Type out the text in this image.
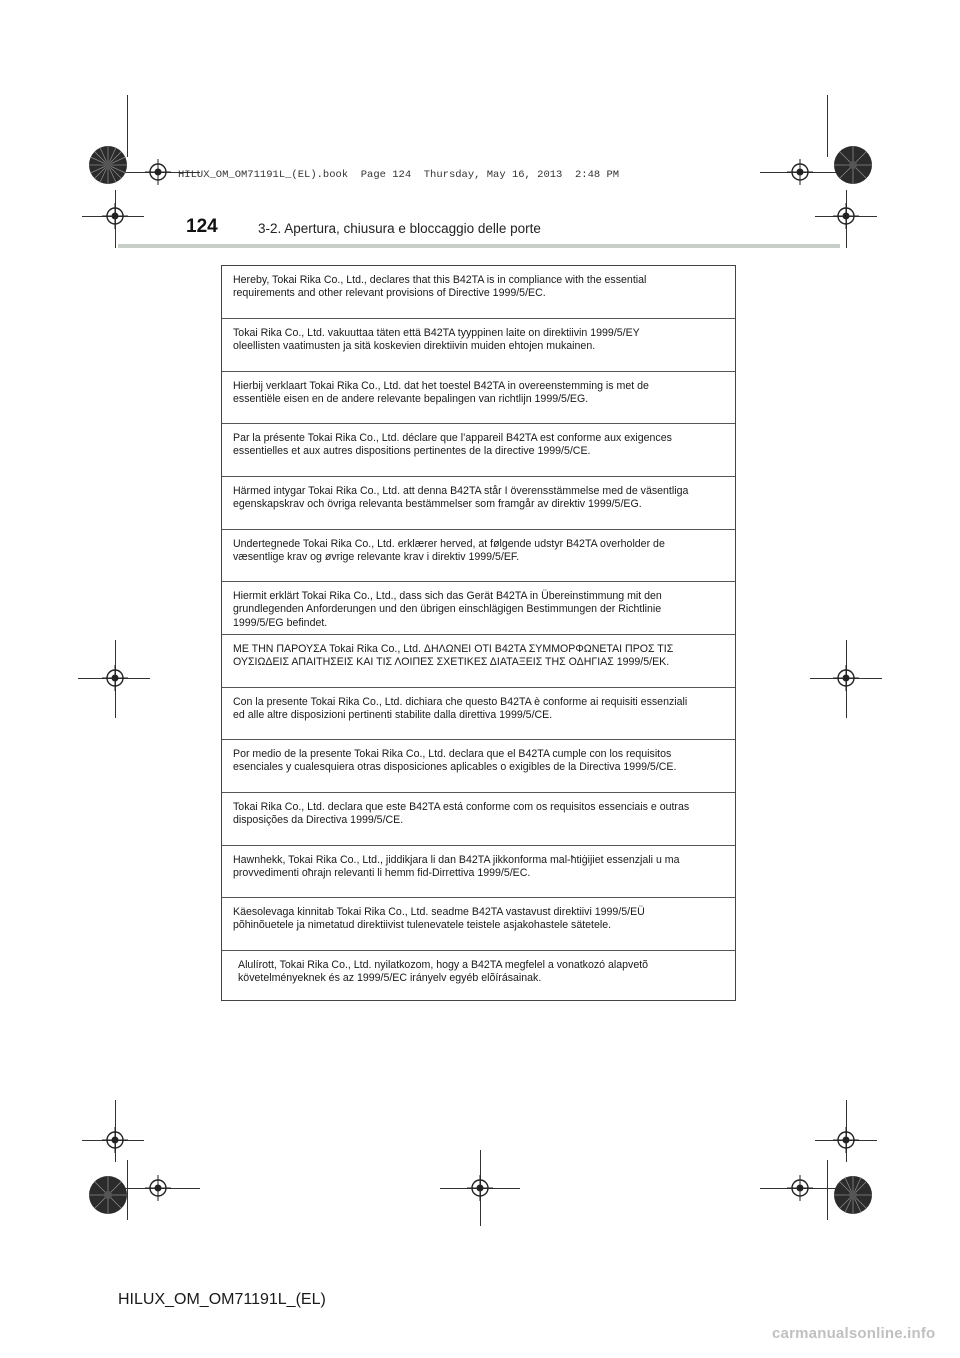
HILUX_OM_OM71191L_(EL).book  Page 124  Thursday, May 16, 2013  2:48 PM
124	3-2. Apertura, chiusura e bloccaggio delle porte
Hereby, Tokai Rika Co., Ltd., declares that this B42TA is in compliance with the essential
requirements and other relevant provisions of Directive 1999/5/EC.
Tokai Rika Co., Ltd. vakuuttaa täten että B42TA tyyppinen laite on direktiivin 1999/5/EY
oleellisten vaatimusten ja sitä koskevien direktiivin muiden ehtojen mukainen.
Hierbij verklaart Tokai Rika Co., Ltd. dat het toestel B42TA in overeenstemming is met de
essentiële eisen en de andere relevante bepalingen van richtlijn 1999/5/EG.
Par la présente Tokai Rika Co., Ltd. déclare que l’appareil B42TA est conforme aux exigences
essentielles et aux autres dispositions pertinentes de la directive 1999/5/CE.
Härmed intygar Tokai Rika Co., Ltd. att denna B42TA står I överensstämmelse med de väsentliga
egenskapskrav och övriga relevanta bestämmelser som framgår av direktiv 1999/5/EG.
Undertegnede Tokai Rika Co., Ltd. erklærer herved, at følgende udstyr B42TA overholder de
væsentlige krav og øvrige relevante krav i direktiv 1999/5/EF.
Hiermit erklärt Tokai Rika Co., Ltd., dass sich das Gerät B42TA in Übereinstimmung mit den
grundlegenden Anforderungen und den übrigen einschlägigen Bestimmungen der Richtlinie
1999/5/EG befindet.
ΜΕ ΤΗΝ ΠΑΡΟΥΣΑ Tokai Rika Co., Ltd. ΔΗΛΩΝΕΙ ΟΤΙ B42TA ΣΥΜΜΟΡΦΩΝΕΤΑΙ ΠΡΟΣ ΤΙΣ
ΟΥΣΙΩΔΕΙΣ ΑΠΑΙΤΗΣΕΙΣ ΚΑΙ ΤΙΣ ΛΟΙΠΕΣ ΣΧΕΤΙΚΕΣ ΔΙΑΤΑΞΕΙΣ ΤΗΣ ΟΔΗΓΙΑΣ 1999/5/ΕΚ.
Con la presente Tokai Rika Co., Ltd. dichiara che questo B42TA è conforme ai requisiti essenziali
ed alle altre disposizioni pertinenti stabilite dalla direttiva 1999/5/CE.
Por medio de la presente Tokai Rika Co., Ltd. declara que el B42TA cumple con los requisitos
esenciales y cualesquiera otras disposiciones aplicables o exigibles de la Directiva 1999/5/CE.
Tokai Rika Co., Ltd. declara que este B42TA está conforme com os requisitos essenciais e outras
disposições da Directiva 1999/5/CE.
Hawnhekk, Tokai Rika Co., Ltd., jiddikjara li dan B42TA jikkonforma mal-ħtiġijiet essenzjali u ma
provvedimenti oħrajn relevanti li hemm fid-Dirrettiva 1999/5/EC.
Käesolevaga kinnitab Tokai Rika Co., Ltd. seadme B42TA vastavust direktiivi 1999/5/EÜ
põhinõuetele ja nimetatud direktiivist tulenevatele teistele asjakohastele sätetele.
Alulírott, Tokai Rika Co., Ltd. nyilatkozom, hogy a B42TA megfelel a vonatkozó alapvetõ
követelményeknek és az 1999/5/EC irányelv egyéb elõírásainak.
HILUX_OM_OM71191L_(EL)
carmanualsonline.info
